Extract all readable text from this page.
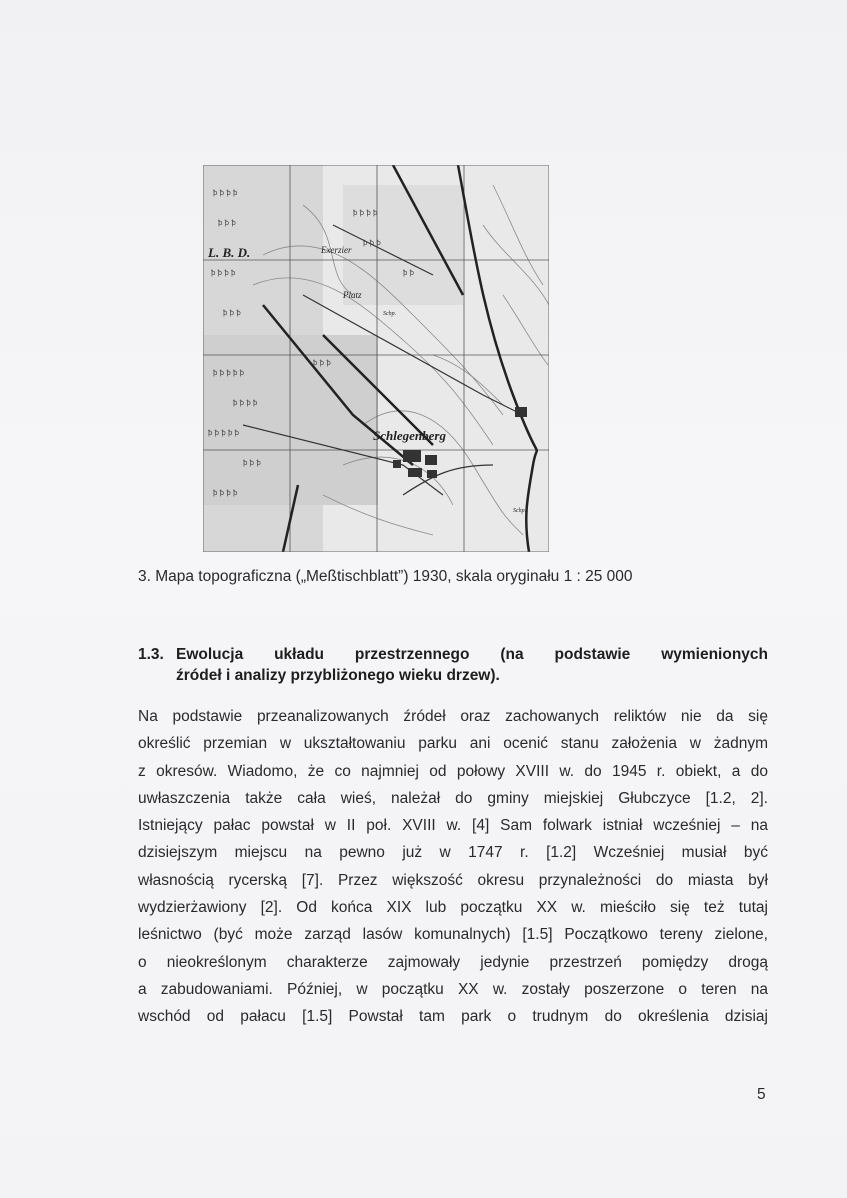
ꝥ ꝥ ꝥ ꝥ
ꝥ ꝥ ꝥ
ꝥ ꝥ ꝥ ꝥ
ꝥ ꝥ ꝥ
ꝥ ꝥ ꝥ ꝥ ꝥ
ꝥ ꝥ ꝥ ꝥ
ꝥ ꝥ ꝥ ꝥ ꝥ
ꝥ ꝥ ꝥ
ꝥ ꝥ ꝥ ꝥ
ꝥ ꝥ ꝥ ꝥ
ꝥ ꝥ ꝥ
ꝥ ꝥ
ꝥ ꝥ ꝥ
Exerzier
Platz
Schlegenberg
Schp.
Schp.
L. B. D.
3. Mapa topograficzna („Meßtischblatt”) 1930, skala oryginału 1 : 25 000
1.3. Ewolucja układu przestrzennego (na podstawie wymienionych
źródeł i analizy przybliżonego wieku drzew).
Na podstawie przeanalizowanych źródeł oraz zachowanych reliktów nie da się
określić przemian w ukształtowaniu parku ani ocenić stanu założenia w żadnym
z okresów. Wiadomo, że co najmniej od połowy XVIII w. do 1945 r. obiekt, a do
uwłaszczenia także cała wieś, należał do gminy miejskiej Głubczyce [1.2, 2].
Istniejący pałac powstał w II poł. XVIII w. [4] Sam folwark istniał wcześniej – na
dzisiejszym miejscu na pewno już w 1747 r. [1.2] Wcześniej musiał być
własnością rycerską [7]. Przez większość okresu przynależności do miasta był
wydzierżawiony [2]. Od końca XIX lub początku XX w. mieściło się też tutaj
leśnictwo (być może zarząd lasów komunalnych) [1.5] Początkowo tereny zielone,
o nieokreślonym charakterze zajmowały jedynie przestrzeń pomiędzy drogą
a zabudowaniami. Później, w początku XX w. zostały poszerzone o teren na
wschód od pałacu [1.5] Powstał tam park o trudnym do określenia dzisiaj
5
